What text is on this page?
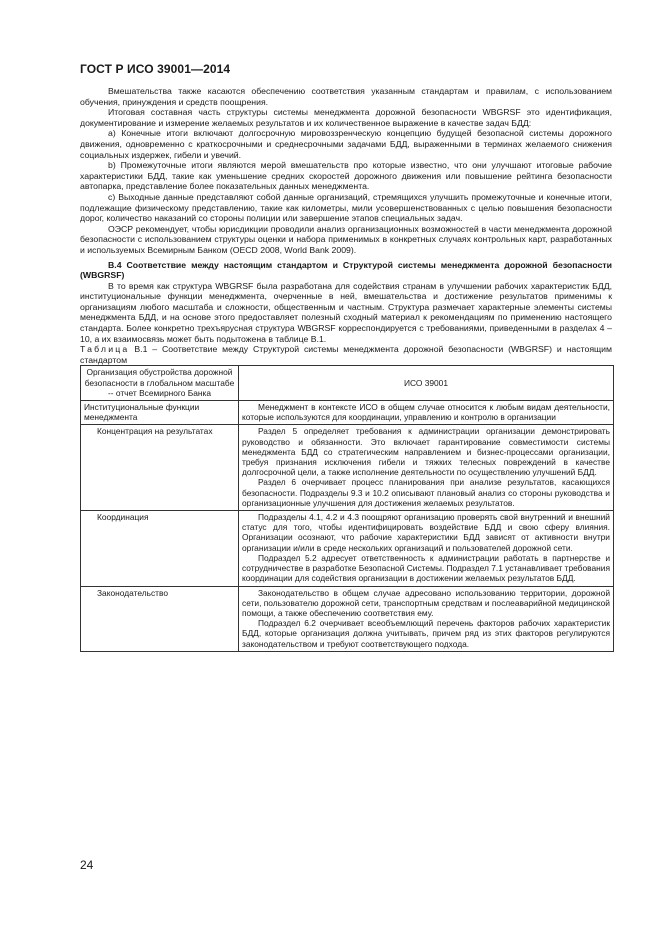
ГОСТ Р ИСО 39001—2014

Вмешательства также касаются обеспечению соответствия указанным стандартам и правилам, с использованием обучения, принуждения и средств поощрения.

Итоговая составная часть структуры системы менеджмента дорожной безопасности WBGRSF это идентификация, документирование и измерение желаемых результатов и их количественное выражение в качестве задач БДД:

а) Конечные итоги включают долгосрочную мировоззренческую концепцию будущей безопасной системы дорожного движения, одновременно с краткосрочными и среднесрочными задачами БДД, выраженными в терминах желаемого снижения социальных издержек, гибели и увечий.

b) Промежуточные итоги являются мерой вмешательств про которые известно, что они улучшают итоговые рабочие характеристики БДД, такие как уменьшение средних скоростей дорожного движения или повышение рейтинга безопасности автопарка, представление более показательных данных менеджмента.

с) Выходные данные представляют собой данные организаций, стремящихся улучшить промежуточные и конечные итоги, подлежащие физическому представлению, такие как километры, мили усовершенствованных с целью повышения безопасности дорог, количество наказаний со стороны полиции или завершение этапов специальных задач.

ОЭСР рекомендует, чтобы юрисдикции проводили анализ организационных возможностей в части менеджмента дорожной безопасности с использованием структуры оценки и набора применимых в конкретных случаях контрольных карт, разработанных и используемых Всемирным Банком (OECD 2008, World Bank 2009).

В.4 Соответствие между настоящим стандартом и Структурой системы менеджмента дорожной безопасности (WBGRSF)

В то время как структура WBGRSF была разработана для содействия странам в улучшении рабочих характеристик БДД, институциональные функции менеджмента, очерченные в ней, вмешательства и достижение результатов применимы к организациям любого масштаба и сложности, общественным и частным. Структура размечает характерные элементы системы менеджмента БДД, и на основе этого предоставляет полезный сходный материал к рекомендациям по применению настоящего стандарта. Более конкретно трехъярусная структура WBGRSF корреспондируется с требованиями, приведенными в разделах 4 – 10, а их взаимосвязь может быть подытожена в таблице В.1.

Таблица В.1 – Соответствие между Структурой системы менеджмента дорожной безопасности (WBGRSF) и настоящим стандартом

Организация обустройства дорожной безопасности в глобальном масштабе -- отчет Всемирного Банка	ИСО 39001
Институциональные функции менеджмента	Менеджмент в контексте ИСО в общем случае относится к любым видам деятельности, которые используются для координации, управлению и контролю в организации

Концентрация на результатах	Раздел 5 определяет требования к администрации организации демонстрировать руководство и обязанности. Это включает гарантирование совместимости системы менеджмента БДД со стратегическим направлением и бизнес-процессами организации, требуя признания исключения гибели и тяжких телесных повреждений в качестве долгосрочной цели, а также исполнение деятельности по осуществлению улучшений БДД.

Раздел 6 очерчивает процесс планирования при анализе результатов, касающихся безопасности. Подразделы 9.3 и 10.2 описывают плановый анализ со стороны руководства и организационные улучшения для достижения желаемых результатов.

Координация	Подразделы 4.1, 4.2 и 4.3 поощряют организацию проверять свой внутренний и внешний статус для того, чтобы идентифицировать воздействие БДД и свою сферу влияния. Организации осознают, что рабочие характеристики БДД зависят от активности внутри организации и/или в среде нескольких организаций и пользователей дорожной сети.

Подраздел 5.2 адресует ответственность к администрации работать в партнерстве и сотрудничестве в разработке Безопасной Системы. Подраздел 7.1 устанавливает требования координации для содействия организации в достижении желаемых результатов БДД.

Законодательство	Законодательство в общем случае адресовано использованию территории, дорожной сети, пользователю дорожной сети, транспортным средствам и послеаварийной медицинской помощи, а также обеспечению соответствия ему.

Подраздел 6.2 очерчивает всеобъемлющий перечень факторов рабочих характеристик БДД, которые организация должна учитывать, причем ряд из этих факторов регулируются законодательством и требуют соответствующего подхода.

24
